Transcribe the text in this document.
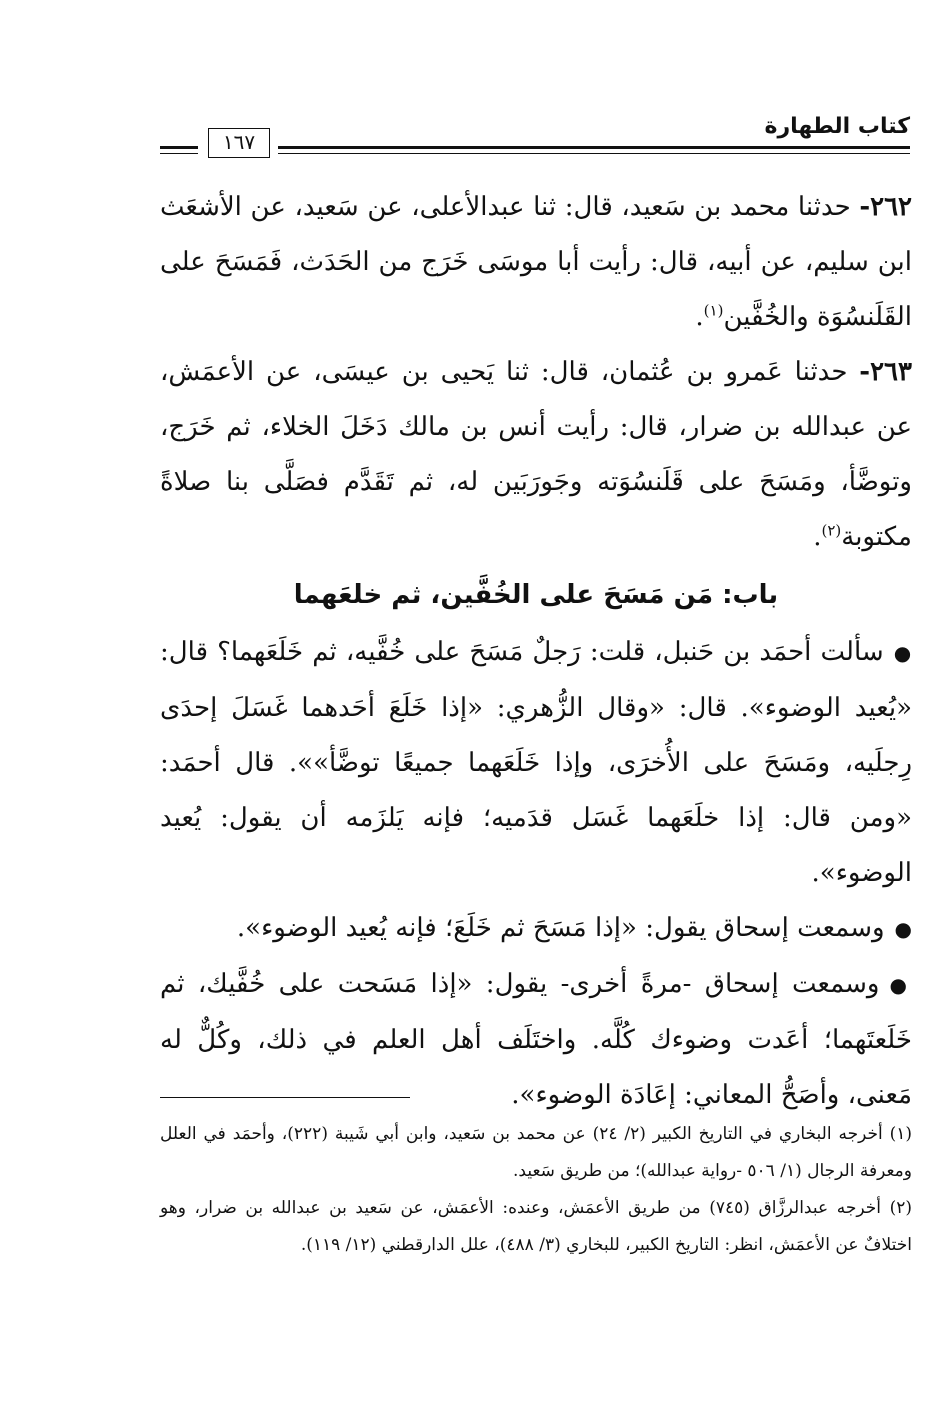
كتاب الطهارة
١٦٧

٢٦٢- حدثنا محمد بن سَعيد، قال: ثنا عبدالأعلى، عن سَعيد، عن الأشعَث ابن سليم، عن أبيه، قال: رأيت أبا موسَى خَرَج من الحَدَث، فَمَسَحَ على القَلَنسُوَة والخُفَّين$^{(١)}$.

٢٦٣- حدثنا عَمرو بن عُثمان، قال: ثنا يَحيى بن عيسَى، عن الأعمَش، عن عبدالله بن ضرار، قال: رأيت أنس بن مالك دَخَلَ الخلاء، ثم خَرَج، وتوضَّأ، ومَسَحَ على قَلَنسُوَته وجَورَبَين له، ثم تَقَدَّم فصَلَّى بنا صلاةً مكتوبة$^{(٢)}$.

باب: مَن مَسَحَ على الخُفَّين، ثم خلعَهما

●سألت أحمَد بن حَنبل، قلت: رَجلٌ مَسَحَ على خُفَّيه، ثم خَلَعَهما؟ قال: «يُعيد الوضوء». قال: «وقال الزُّهري: «إذا خَلَعَ أحَدهما غَسَلَ إحدَى رِجلَيه، ومَسَحَ على الأُخرَى، وإذا خَلَعَهما جميعًا توضَّأ»». قال أحمَد: «ومن قال: إذا خلَعَهما غَسَل قدَميه؛ فإنه يَلزَمه أن يقول: يُعيد الوضوء».

●وسمعت إسحاق يقول: «إذا مَسَحَ ثم خَلَعَ؛ فإنه يُعيد الوضوء».

●وسمعت إسحاق -مرةً أخرى- يقول: «إذا مَسَحت على خُفَّيك، ثم خَلَعتَهما؛ أعَدت وضوءك كُلَّه. واختَلَف أهل العلم في ذلك، وكُلٌّ له مَعنى، وأصَحُّ المعاني: إعَادَة الوضوء».

(١) أخرجه البخاري في التاريخ الكبير (٢/ ٢٤) عن محمد بن سَعيد، وابن أبي شَيبة (٢٢٢)، وأحمَد في العلل ومعرفة الرجال (١/ ٥٠٦ -رواية عبدالله)؛ من طريق سَعيد.

(٢) أخرجه عبدالرزَّاق (٧٤٥) من طريق الأعمَش، وعنده: الأعمَش، عن سَعيد بن عبدالله بن ضرار، وهو اختلافٌ عن الأعمَش، انظر: التاريخ الكبير، للبخاري (٣/ ٤٨٨)، علل الدارقطني (١٢/ ١١٩).
